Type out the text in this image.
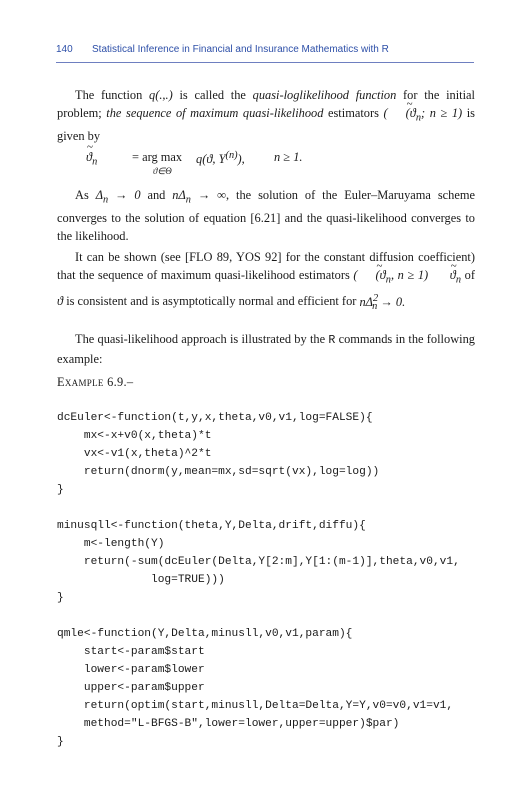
140 Statistical Inference in Financial and Insurance Mathematics with R

The function q(.,.) is called the quasi-loglikelihood function for the initial problem; the sequence of maximum quasi-likelihood estimators ( ~ ($ϑ_n$; n ≥ 1) is given by

~ $ϑ_n$	= arg max
ϑ∈Θ
q(ϑ, $Y^{(n)}$), n ≥ 1.

As $\Delta_n \to 0$ and $n\Delta_n$ → ∞, the solution of the Euler–Maruyama scheme converges to the solution of equation [6.21] and the quasi-likelihood converges to the likelihood.

It can be shown (see [FLO 89, YOS 92] for the constant diffusion coefficient) that the sequence of maximum quasi-likelihood estimators ( ~ ($ϑ_n$, n ≥ 1) ~ $ϑ_n$ of ϑ is consistent and is asymptotically normal and efficient for $n\Delta^2_n \to 0$.

The quasi-likelihood approach is illustrated by the R commands in the following example:

Example 6.9.–
dcEuler<-function(t,y,x,theta,v0,v1,log=FALSE){
mx<-x+v0(x,theta)*t
vx<-v1(x,theta)^2*t
return(dnorm(y,mean=mx,sd=sqrt(vx),log=log))
}
minusqll<-function(theta,Y,Delta,drift,diffu){
m<-length(Y)
return(-sum(dcEuler(Delta,Y[2:m],Y[1:(m-1)],theta,v0,v1,
log=TRUE)))
}
qmle<-function(Y,Delta,minusll,v0,v1,param){
start<-param$start
lower<-param$lower
upper<-param$upper
return(optim(start,minusll,Delta=Delta,Y=Y,v0=v0,v1=v1,
method="L-BFGS-B",lower=lower,upper=upper)$par)
}
